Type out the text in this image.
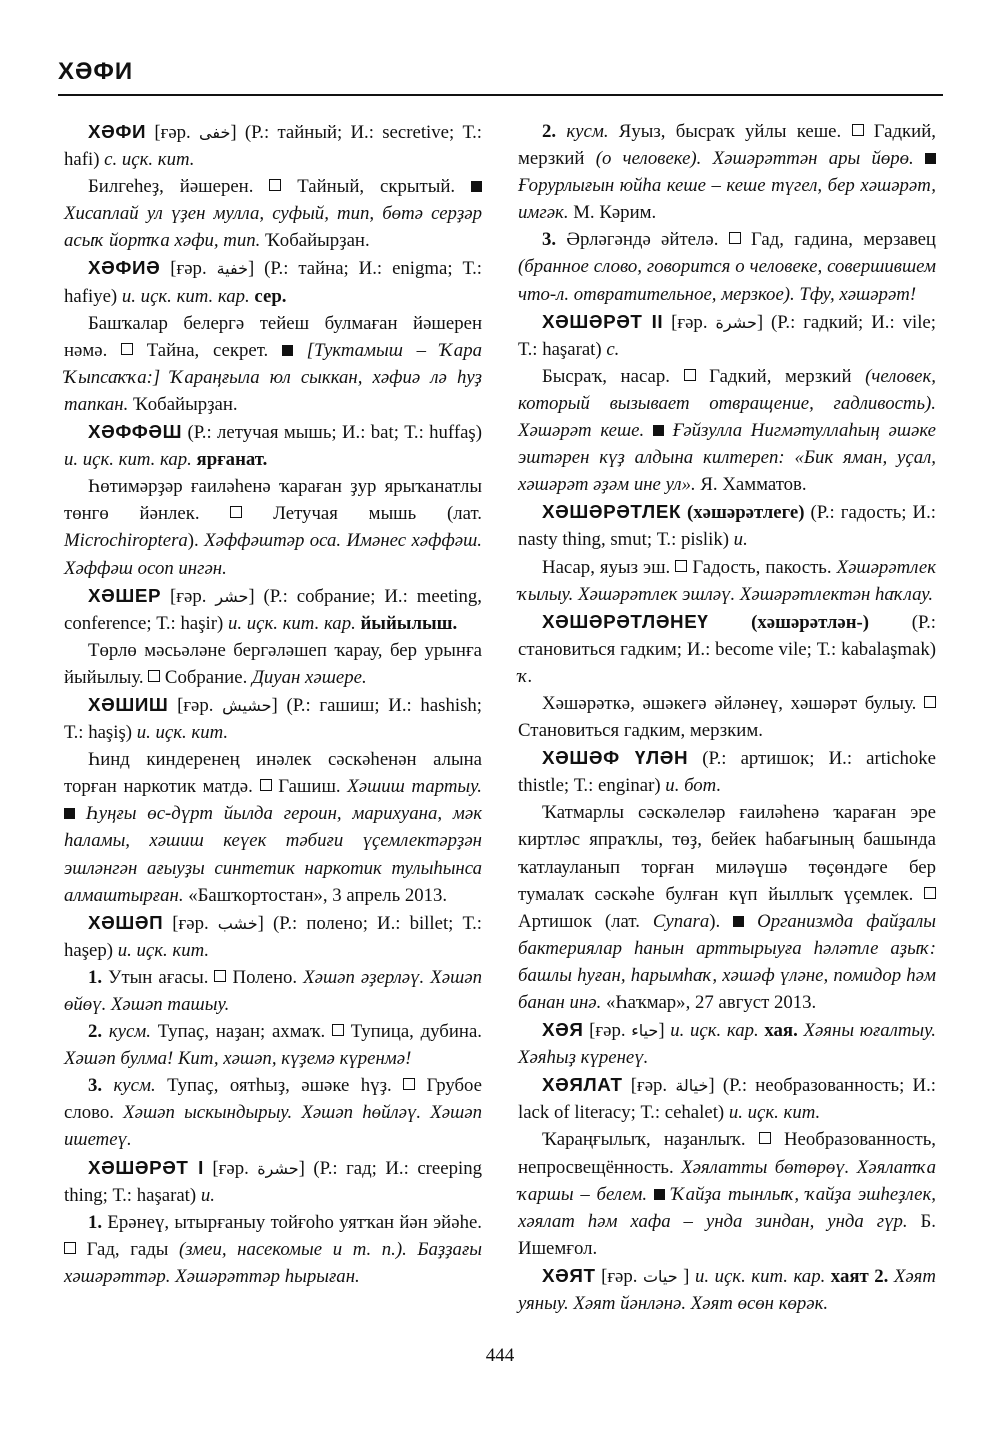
ХӘФИ

ХӘФИ [ғәр. خفی] (Р.: тайный; И.: secretive; Т.: hafi) с. иҫк. кит.

Билгеһеҙ, йәшерен.  Тайный, скрытый.  Хисаплай ул үҙен мулла, суфый, тип, бөтә серҙәр асыҡ йортҡа хәфи, тип. Ҡобайырҙан.

ХӘФИӘ [ғәр. خفیة] (Р.: тайна; И.: enigma; Т.: hafiye) и. иҫк. кит. кар. сер.

Башҡалар белергә тейеш булмаған йәшерен нәмә.  Тайна, секрет.  [Туктамыш – Ҡара Ҡыпсаҡҡа:] Ҡараңғыла юл сыккан, хәфиә лә һуҙ тапкан. Ҡобайырҙан.

ХӘФФӘШ (Р.: летучая мышь; И.: bat; Т.: huffaş) и. иҫк. кит. кар. ярғанат.

Һөтимәрҙәр ғаиләһенә ҡараған ҙур ярыҡанатлы төнгө йәнлек.  Летучая мышь (лат. Microchiroptera). Хәффәштәр оса. Имәнес хәффәш. Хәффәш осоп ингән.

ХӘШЕР [ғәр. حشر] (Р.: собрание; И.: meeting, conference; Т.: haşir) и. иҫк. кит. кар. йыйылыш.

Төрлө мәсьәләне бергәләшеп ҡарау, бер урынға йыйылыу.  Собрание. Диуан хәшере.

ХӘШИШ [ғәр. حشیش] (Р.: гашиш; И.: hashish; Т.: haşiş) и. иҫк. кит.

Һинд киндеренең инәлек сәскәһенән алына торған наркотик матдә.  Гашиш. Хәшиш тартыу.  Һуңғы өс-дүрт йылда героин, марихуана, мәк һаламы, хәшиш кеүек тәбиғи үҫемлектәрҙән эшләнгән ағыуҙы синтетик наркотик тулыһынса алмаштырған. «Башҡортостан», 3 апрель 2013.

ХӘШӘП [ғәр. خشب] (Р.: полено; И.: billet; Т.: haşep) и. иҫк. кит.

1. Утын ағасы.  Полено. Хәшәп әҙерләү. Хәшәп өйөү. Хәшәп ташыу.

2. кусм. Тупаҫ, наҙан; ахмаҡ.  Тупица, дубина. Хәшәп булма! Кит, хәшәп, күҙемә күренмә!

3. кусм. Тупаҫ, оятһыҙ, әшәке һүҙ.  Грубое слово. Хәшәп ыскындырыу. Хәшәп һөйләү. Хәшәп ишетеү.

ХӘШӘРӘТ I [ғәр. حشرة] (Р.: гад; И.: creeping thing; Т.: haşarat) и.

1. Ерәнеү, ытырғаныу тойғоһо уятҡан йән эйәһе.  Гад, гады (змеи, насекомые и т. п.). Баҙҙағы хәшәрәттәр. Хәшәрәттәр һырыған.

2. кусм. Яуыз, бысраҡ уйлы кеше.  Гадкий, мерзкий (о человеке). Хәшәрәттән ары йөрө.  Ғорурлығын юйһа кеше – кеше түгел, бер хәшәрәт, имгәк. М. Кәрим.

3. Әрләгәндә әйтелә.  Гад, гадина, мерзавец (бранное слово, говорится о человеке, совершившем что-л. отвратительное, мерзкое). Тфу, хәшәрәт!

ХӘШӘРӘТ II [ғәр. حشرة] (Р.: гадкий; И.: vile; Т.: haşarat) с.

Бысраҡ, насар.  Гадкий, мерзкий (человек, который вызывает отвращение, гадливость). Хәшәрәт кеше.  Ғәйзулла Нигмәтуллаһың әшәке эштәрен күҙ алдына килтереп: «Бик яман, уҫал, хәшәрәт әҙәм ине ул». Я. Хамматов.

ХӘШӘРӘТЛЕК (хәшәрәтлеге) (Р.: гадость; И.: nasty thing, smut; Т.: pislik) и.

Насар, яуыз эш.  Гадость, пакость. Хәшәрәтлек ҡылыу. Хәшәрәтлек эшләү. Хәшәрәтлектән һаҡлау.

ХӘШӘРӘТЛӘНЕҮ (хәшәрәтлән-) (Р.: становиться гадким; И.: become vile; Т.: kabalaşmak) ҡ.

Хәшәрәткә, әшәкегә әйләнеү, хәшәрәт булыу.  Становиться гадким, мерзким.

ХӘШӘФ ҮЛӘН (Р.: артишок; И.: artichoke thistle; Т.: enginar) и. бот.

Ҡатмарлы сәскәлеләр ғаиләһенә ҡараған эре киртләс япраҡлы, төҙ, бейек һабағының башында ҡатлауланып торған миләүшә төҫөндәге бер тумалаҡ сәскәһе булған күп йыллыҡ үҫемлек.  Артишок (лат. Cynara).  Организмда файҙалы бактериялар һанын арттырыуға һәләтле аҙыҡ: башлы һуған, һарымһаҡ, хәшәф үләне, помидор һәм банан инә. «Һаҡмар», 27 август 2013.

ХӘЯ [ғәр. حیاء] и. иҫк. кар. хая. Хәяны юғалтыу. Хәяһыҙ күренеү.

ХӘЯЛАТ [ғәр. خیالة] (Р.: необразованность; И.: lack of literacy; Т.: cehalet) и. иҫк. кит.

Ҡараңғылыҡ, наҙанлыҡ.  Необразованность, непросвещённость. Хәялатты бөтөрөү. Хәялатҡа ҡаршы – белем.  Ҡайҙа тынлыҡ, ҡайҙа эшһеҙлек, хәялат һәм хафа – унда зиндан, унда гүр. Б. Ишемғол.

ХӘЯТ [ғәр. حیات ] и. иҫк. кит. кар. хаят 2. Хәят уяныу. Хәят йәнләнә. Хәят өсөн көрәк.

444
